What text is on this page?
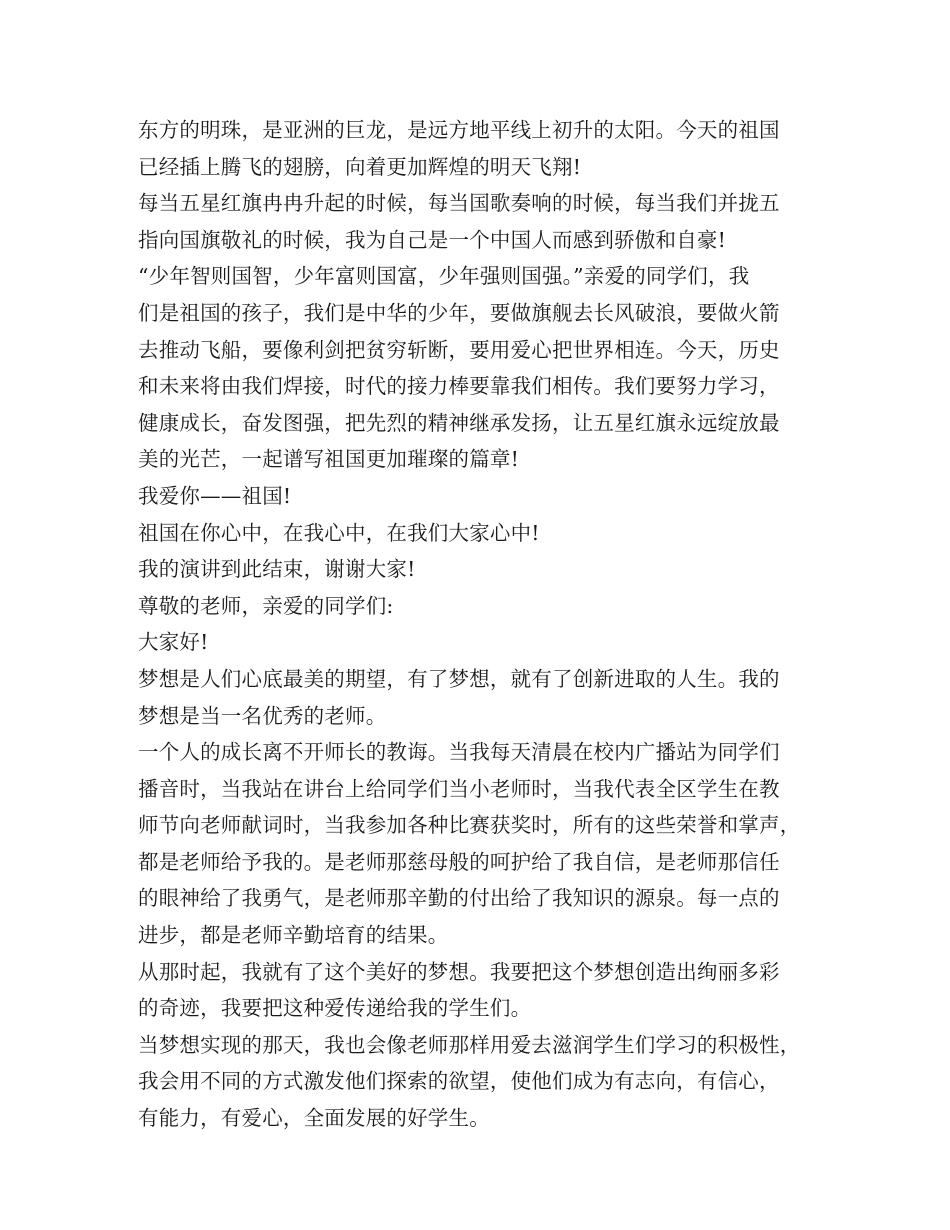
东方的明珠，是亚洲的巨龙，是远方地平线上初升的太阳。今天的祖国
已经插上腾飞的翅膀，向着更加辉煌的明天飞翔!
每当五星红旗冉冉升起的时候，每当国歌奏响的时候，每当我们并拢五
指向国旗敬礼的时候，我为自己是一个中国人而感到骄傲和自豪!
“少年智则国智，少年富则国富，少年强则国强。”亲爱的同学们，我
们是祖国的孩子，我们是中华的少年，要做旗舰去长风破浪，要做火箭
去推动飞船，要像利剑把贫穷斩断，要用爱心把世界相连。今天，历史
和未来将由我们焊接，时代的接力棒要靠我们相传。我们要努力学习，
健康成长，奋发图强，把先烈的精神继承发扬，让五星红旗永远绽放最
美的光芒，一起谱写祖国更加璀璨的篇章!
我爱你——祖国!
祖国在你心中，在我心中，在我们大家心中!
我的演讲到此结束，谢谢大家!
尊敬的老师，亲爱的同学们:
大家好!
梦想是人们心底最美的期望，有了梦想，就有了创新进取的人生。我的
梦想是当一名优秀的老师。
一个人的成长离不开师长的教诲。当我每天清晨在校内广播站为同学们
播音时，当我站在讲台上给同学们当小老师时，当我代表全区学生在教
师节向老师献词时，当我参加各种比赛获奖时，所有的这些荣誉和掌声，
都是老师给予我的。是老师那慈母般的呵护给了我自信，是老师那信任
的眼神给了我勇气，是老师那辛勤的付出给了我知识的源泉。每一点的
进步，都是老师辛勤培育的结果。
从那时起，我就有了这个美好的梦想。我要把这个梦想创造出绚丽多彩
的奇迹，我要把这种爱传递给我的学生们。
当梦想实现的那天，我也会像老师那样用爱去滋润学生们学习的积极性，
我会用不同的方式激发他们探索的欲望，使他们成为有志向，有信心，
有能力，有爱心，全面发展的好学生。
